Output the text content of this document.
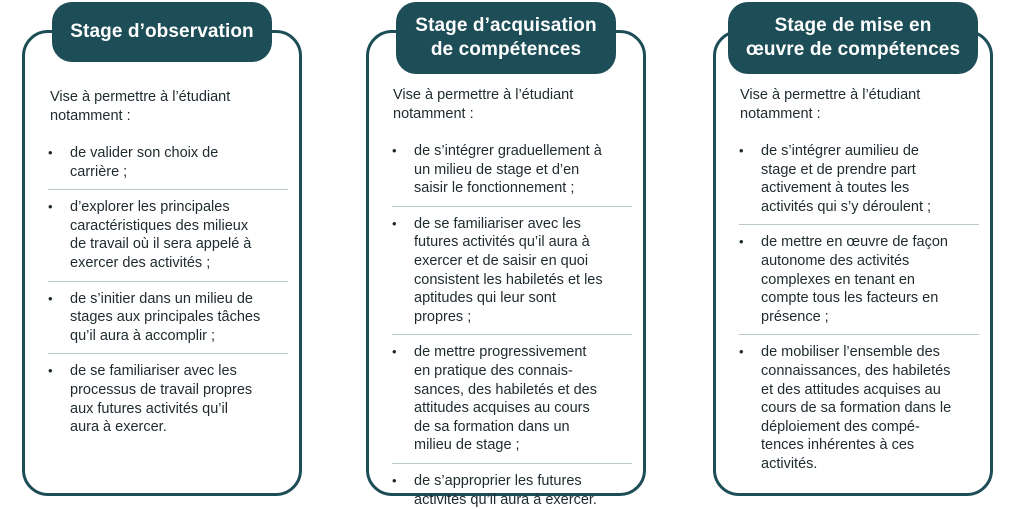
Stage d’observation

Vise à permettre à l’étudiant
notamment :

• de valider son choix de
carrière ;
• d’explorer les principales
caractéristiques des milieux
de travail où il sera appelé à
exercer des activités ;
• de s’initier dans un milieu de
stages aux principales tâches
qu’il aura à accomplir ;
• de se familiariser avec les
processus de travail propres
aux futures activités qu’il
aura à exercer.
Stage d’acquisation
de compétences

Vise à permettre à l’étudiant
notamment :

• de s’intégrer graduellement à
un milieu de stage et d’en
saisir le fonctionnement ;
• de se familiariser avec les
futures activités qu’il aura à
exercer et de saisir en quoi
consistent les habiletés et les
aptitudes qui leur sont
propres ;
• de mettre progressivement
en pratique des connais-
sances, des habiletés et des
attitudes acquises au cours
de sa formation dans un
milieu de stage ;
• de s’approprier les futures
activités qu’il aura à exercer.
Stage de mise en
œuvre de compétences

Vise à permettre à l’étudiant
notamment :

• de s’intégrer aumilieu de
stage et de prendre part
activement à toutes les
activités qui s’y déroulent ;
• de mettre en œuvre de façon
autonome des activités
complexes en tenant en
compte tous les facteurs en
présence ;
• de mobiliser l’ensemble des
connaissances, des habiletés
et des attitudes acquises au
cours de sa formation dans le
déploiement des compé-
tences inhérentes à ces
activités.
